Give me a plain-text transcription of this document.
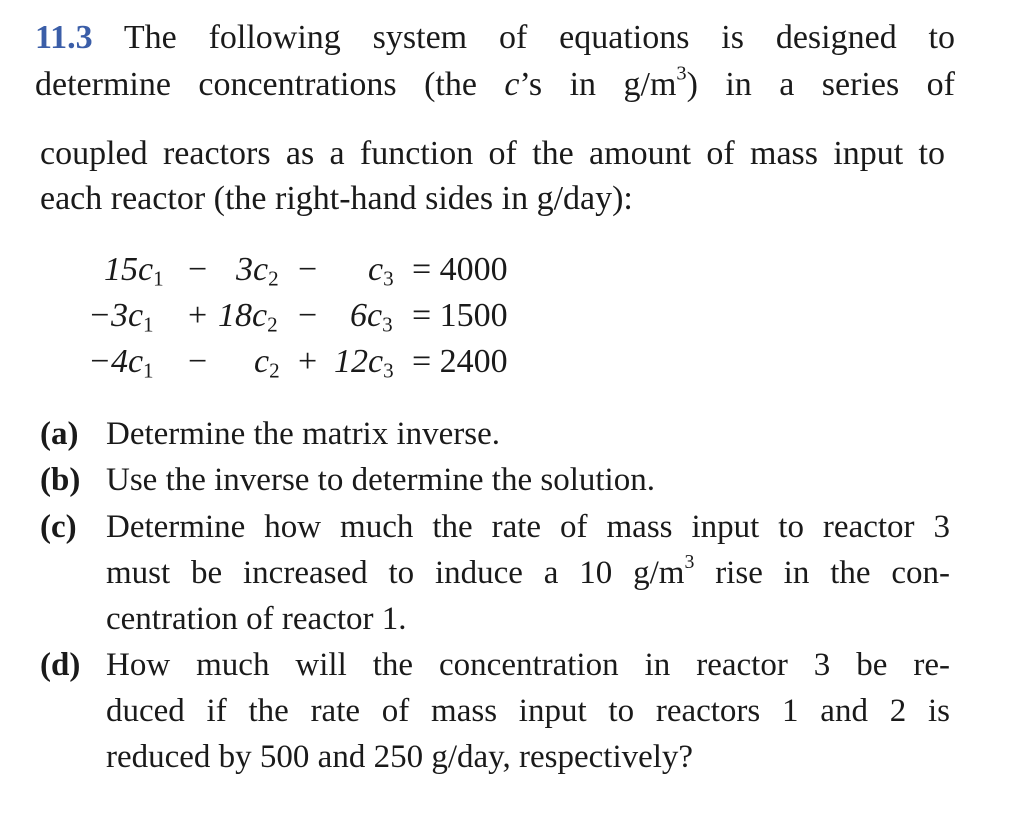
11.3 The following system of equations is designed to
determine concentrations (the c’s in $g/m^3$) in a series of
coupled reactors as a function of the amount of mass input to
each reactor (the right-hand sides in g/day):
$15c_1 - 3c_2 - c_3 = 4000$
$-3c_1 + 18c_2 - 6c_3 = 1500$
$-4c_1 - c_2 + 12c_3 = 2400$
(a) Determine the matrix inverse.
(b) Use the inverse to determine the solution.
(c) Determine how much the rate of mass input to reactor 3
must be increased to induce a 10 $g/m^3$ rise in the con-
centration of reactor 1.
(d) How much will the concentration in reactor 3 be re-
duced if the rate of mass input to reactors 1 and 2 is
reduced by 500 and 250 g/day, respectively?
